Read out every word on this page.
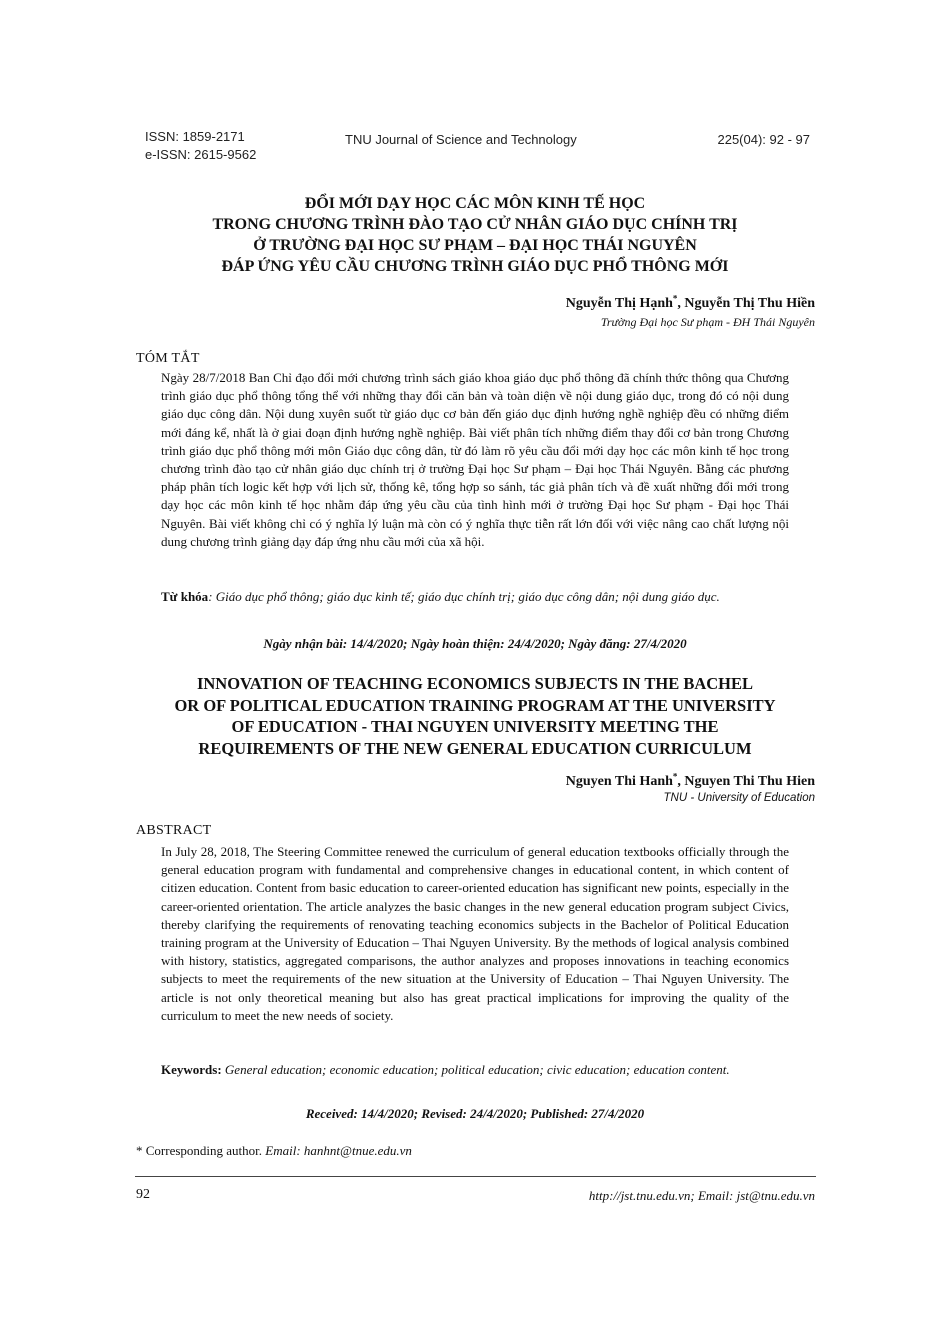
ISSN: 1859-2171
e-ISSN: 2615-9562
TNU Journal of Science and Technology	225(04): 92 - 97
ĐỔI MỚI DẠY HỌC CÁC MÔN KINH TẾ HỌC
TRONG CHƯƠNG TRÌNH ĐÀO TẠO CỬ NHÂN GIÁO DỤC CHÍNH TRỊ
Ở TRƯỜNG ĐẠI HỌC SƯ PHẠM – ĐẠI HỌC THÁI NGUYÊN
ĐÁP ỨNG YÊU CẦU CHƯƠNG TRÌNH GIÁO DỤC PHỔ THÔNG MỚI
Nguyễn Thị Hạnh*, Nguyễn Thị Thu Hiền
Trường Đại học Sư phạm - ĐH Thái Nguyên
TÓM TẮT
Ngày 28/7/2018 Ban Chỉ đạo đổi mới chương trình sách giáo khoa giáo dục phổ thông đã chính thức thông qua Chương trình giáo dục phổ thông tổng thể với những thay đổi căn bản và toàn diện về nội dung giáo dục, trong đó có nội dung giáo dục công dân. Nội dung xuyên suốt từ giáo dục cơ bản đến giáo dục định hướng nghề nghiệp đều có những điểm mới đáng kể, nhất là ở giai đoạn định hướng nghề nghiệp. Bài viết phân tích những điểm thay đổi cơ bản trong Chương trình giáo dục phổ thông mới môn Giáo dục công dân, từ đó làm rõ yêu cầu đổi mới dạy học các môn kinh tế học trong chương trình đào tạo cử nhân giáo dục chính trị ở trường Đại học Sư phạm – Đại học Thái Nguyên. Bằng các phương pháp phân tích logic kết hợp với lịch sử, thống kê, tổng hợp so sánh, tác giả phân tích và đề xuất những đổi mới trong dạy học các môn kinh tế học nhằm đáp ứng yêu cầu của tình hình mới ở trường Đại học Sư phạm - Đại học Thái Nguyên. Bài viết không chỉ có ý nghĩa lý luận mà còn có ý nghĩa thực tiễn rất lớn đối với việc nâng cao chất lượng nội dung chương trình giảng dạy đáp ứng nhu cầu mới của xã hội.
Từ khóa: Giáo dục phổ thông; giáo dục kinh tế; giáo dục chính trị; giáo dục công dân; nội dung giáo dục.
Ngày nhận bài: 14/4/2020; Ngày hoàn thiện: 24/4/2020; Ngày đăng: 27/4/2020
INNOVATION OF TEACHING ECONOMICS SUBJECTS IN THE BACHEL
OR OF POLITICAL EDUCATION TRAINING PROGRAM AT THE UNIVERSITY
OF EDUCATION - THAI NGUYEN UNIVERSITY MEETING THE
REQUIREMENTS OF THE NEW GENERAL EDUCATION CURRICULUM
Nguyen Thi Hanh*, Nguyen Thi Thu Hien
TNU - University of Education
ABSTRACT
In July 28, 2018, The Steering Committee renewed the curriculum of general education textbooks officially through the general education program with fundamental and comprehensive changes in educational content, in which content of citizen education. Content from basic education to career-oriented education has significant new points, especially in the career-oriented orientation. The article analyzes the basic changes in the new general education program subject Civics, thereby clarifying the requirements of renovating teaching economics subjects in the Bachelor of Political Education training program at the University of Education – Thai Nguyen University. By the methods of logical analysis combined with history, statistics, aggregated comparisons, the author analyzes and proposes innovations in teaching economics subjects to meet the requirements of the new situation at the University of Education – Thai Nguyen University. The article is not only theoretical meaning but also has great practical implications for improving the quality of the curriculum to meet the new needs of society.
Keywords: General education; economic education; political education; civic education; education content.
Received: 14/4/2020; Revised: 24/4/2020; Published: 27/4/2020
* Corresponding author. Email: hanhnt@tnue.edu.vn
92	http://jst.tnu.edu.vn; Email: jst@tnu.edu.vn
